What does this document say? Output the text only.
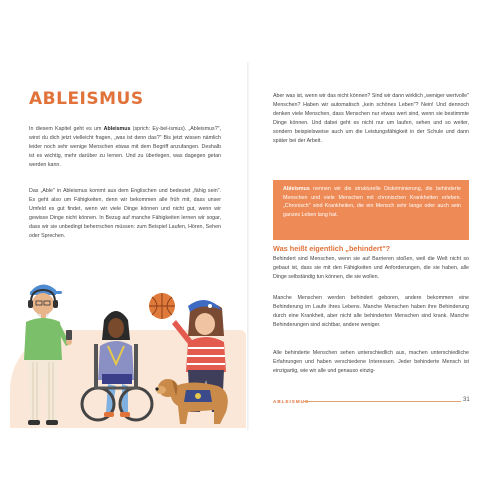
ABLEISMUS

In diesem Kapitel geht es um Ableismus (sprich: Ey-bel-ismus). „Ableismus?", wirst du dich jetzt vielleicht fragen, „was ist denn das?" Bis jetzt wissen nämlich leider noch sehr wenige Menschen etwas mit dem Begriff anzufangen. Deshalb ist es wichtig, mehr darüber zu lernen. Und zu überlegen, was dagegen getan werden kann.

Das „Able" in Ableismus kommt aus dem Englischen und bedeutet „fähig sein". Es geht also um Fähigkeiten, denn wir bekommen alle früh mit, dass unser Umfeld es gut findet, wenn wir viele Dinge können und nicht gut, wenn wir gewisse Dinge nicht können. In Bezug auf manche Fähigkeiten lernen wir sogar, dass wir sie unbedingt beherrschen müssen: zum Beispiel Laufen, Hören, Sehen oder Sprechen.

Aber was ist, wenn wir das nicht können? Sind wir dann wirklich „weniger wertvolle" Menschen? Haben wir automatisch „kein schönes Leben"? Nein! Und dennoch denken viele Menschen, dass Menschen nur etwas wert sind, wenn sie bestimmte Dinge können. Und dabei geht es nicht nur um laufen, sehen und so weiter, sondern beispielsweise auch um die Leistungsfähigkeit in der Schule und dann später bei der Arbeit.

Ableismus nennen wir die strukturelle Diskriminierung, die behinderte Menschen und viele Menschen mit chronischen Krankheiten erleben. „Chronisch" sind Krankheiten, die ein Mensch sehr lange oder auch sein ganzes Leben lang hat.

Was heißt eigentlich „behindert"?

Behindert sind Menschen, wenn sie auf Barrieren stoßen, weil die Welt nicht so gebaut ist, dass sie mit den Fähigkeiten und Anforderungen, die sie haben, alle Dinge selbständig tun können, die sie wollen.

Manche Menschen werden behindert geboren, andere bekommen eine Behinderung im Laufe ihres Lebens. Manche Menschen haben ihre Behinderung durch eine Krankheit, aber nicht alle behinderten Menschen sind krank. Manche Behinderungen sind sichtbar, andere weniger.

Alle behinderte Menschen sehen unterschiedlich aus, machen unterschiedliche Erfahrungen und haben verschiedene Interessen. Jeder behinderte Mensch ist einzigartig, wie wir alle und genauso einzig-

ABLEISMUS	31
